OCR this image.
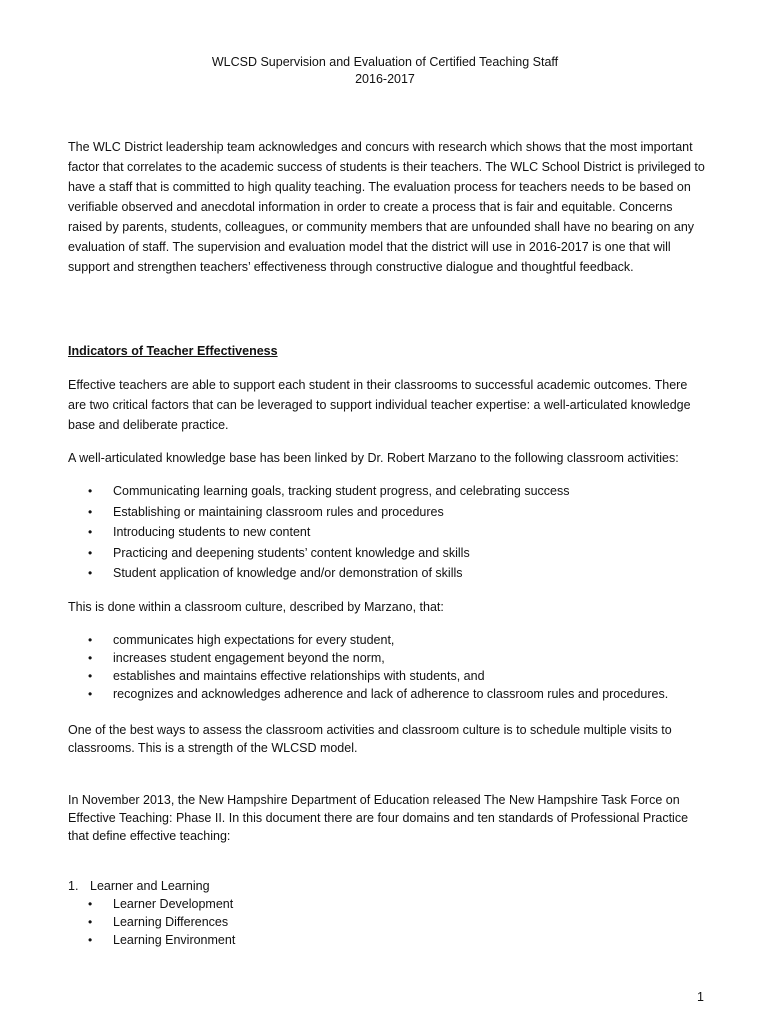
WLCSD Supervision and Evaluation of Certified Teaching Staff
2016-2017

The WLC District leadership team acknowledges and concurs with research which shows that the most important factor that correlates to the academic success of students is their teachers. The WLC School District is privileged to have a staff that is committed to high quality teaching. The evaluation process for teachers needs to be based on verifiable observed and anecdotal information in order to create a process that is fair and equitable. Concerns raised by parents, students, colleagues, or community members that are unfounded shall have no bearing on any evaluation of staff. The supervision and evaluation model that the district will use in 2016-2017 is one that will support and strengthen teachers’ effectiveness through constructive dialogue and thoughtful feedback.

Indicators of Teacher Effectiveness

Effective teachers are able to support each student in their classrooms to successful academic outcomes. There are two critical factors that can be leveraged to support individual teacher expertise: a well-articulated knowledge base and deliberate practice.

A well-articulated knowledge base has been linked by Dr. Robert Marzano to the following classroom activities:

• Communicating learning goals, tracking student progress, and celebrating success
• Establishing or maintaining classroom rules and procedures
• Introducing students to new content
• Practicing and deepening students’ content knowledge and skills
• Student application of knowledge and/or demonstration of skills

This is done within a classroom culture, described by Marzano, that:

• communicates high expectations for every student,
• increases student engagement beyond the norm,
• establishes and maintains effective relationships with students, and
• recognizes and acknowledges adherence and lack of adherence to classroom rules and procedures.

One of the best ways to assess the classroom activities and classroom culture is to schedule multiple visits to classrooms. This is a strength of the WLCSD model.

In November 2013, the New Hampshire Department of Education released The New Hampshire Task Force on Effective Teaching: Phase II. In this document there are four domains and ten standards of Professional Practice that define effective teaching:

1. Learner and Learning
• Learner Development
• Learning Differences
• Learning Environment
1
